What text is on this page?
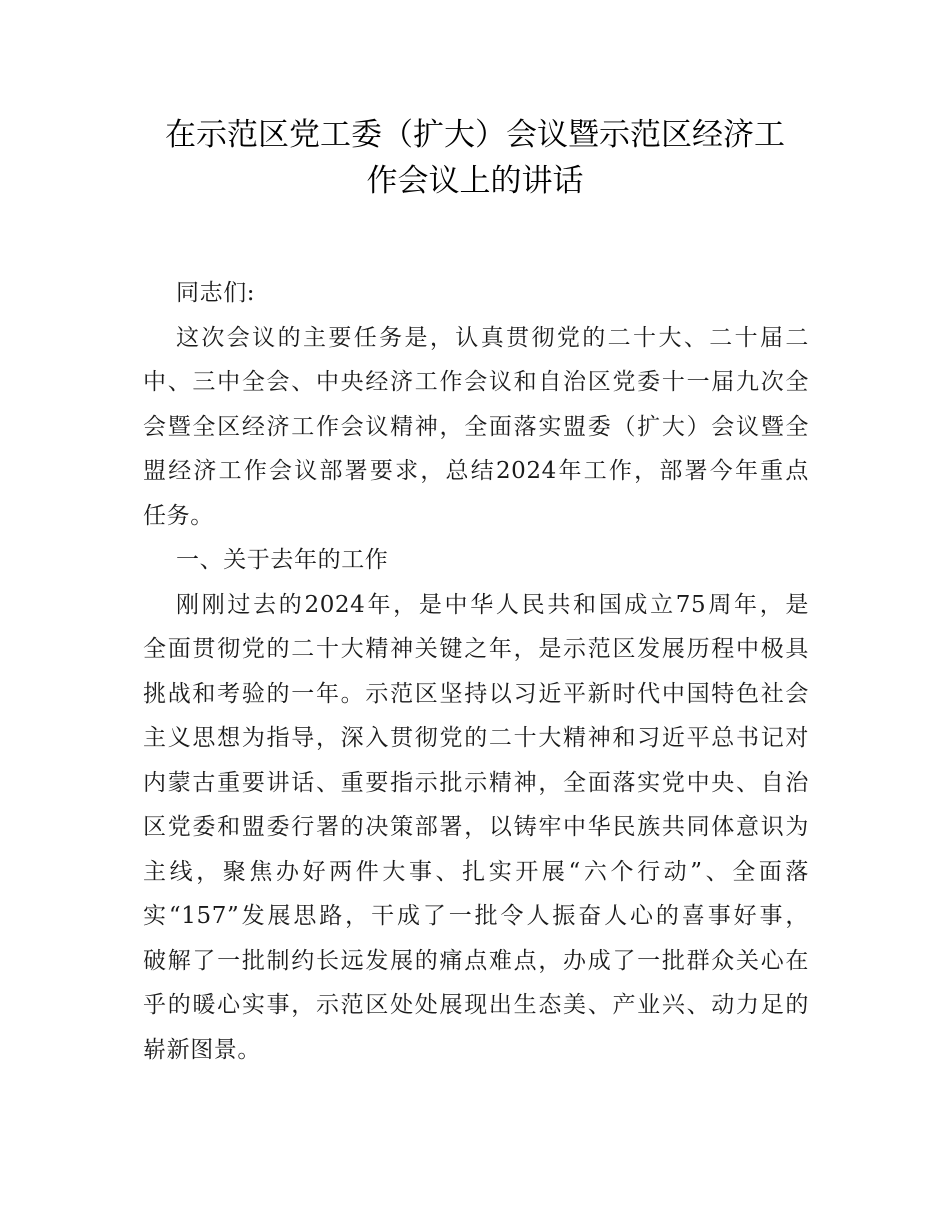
在示范区党工委（扩大）会议暨示范区经济工
作会议上的讲话

同志们:

这次会议的主要任务是，认真贯彻党的二十大、二十届二
中、三中全会、中央经济工作会议和自治区党委十一届九次全
会暨全区经济工作会议精神，全面落实盟委（扩大）会议暨全
盟经济工作会议部署要求，总结2024年工作，部署今年重点
任务。

一、关于去年的工作

刚刚过去的2024年，是中华人民共和国成立75周年，是
全面贯彻党的二十大精神关键之年，是示范区发展历程中极具
挑战和考验的一年。示范区坚持以习近平新时代中国特色社会
主义思想为指导，深入贯彻党的二十大精神和习近平总书记对
内蒙古重要讲话、重要指示批示精神，全面落实党中央、自治
区党委和盟委行署的决策部署，以铸牢中华民族共同体意识为
主线，聚焦办好两件大事、扎实开展“六个行动”、全面落
实“157”发展思路，干成了一批令人振奋人心的喜事好事，
破解了一批制约长远发展的痛点难点，办成了一批群众关心在
乎的暖心实事，示范区处处展现出生态美、产业兴、动力足的
崭新图景。
